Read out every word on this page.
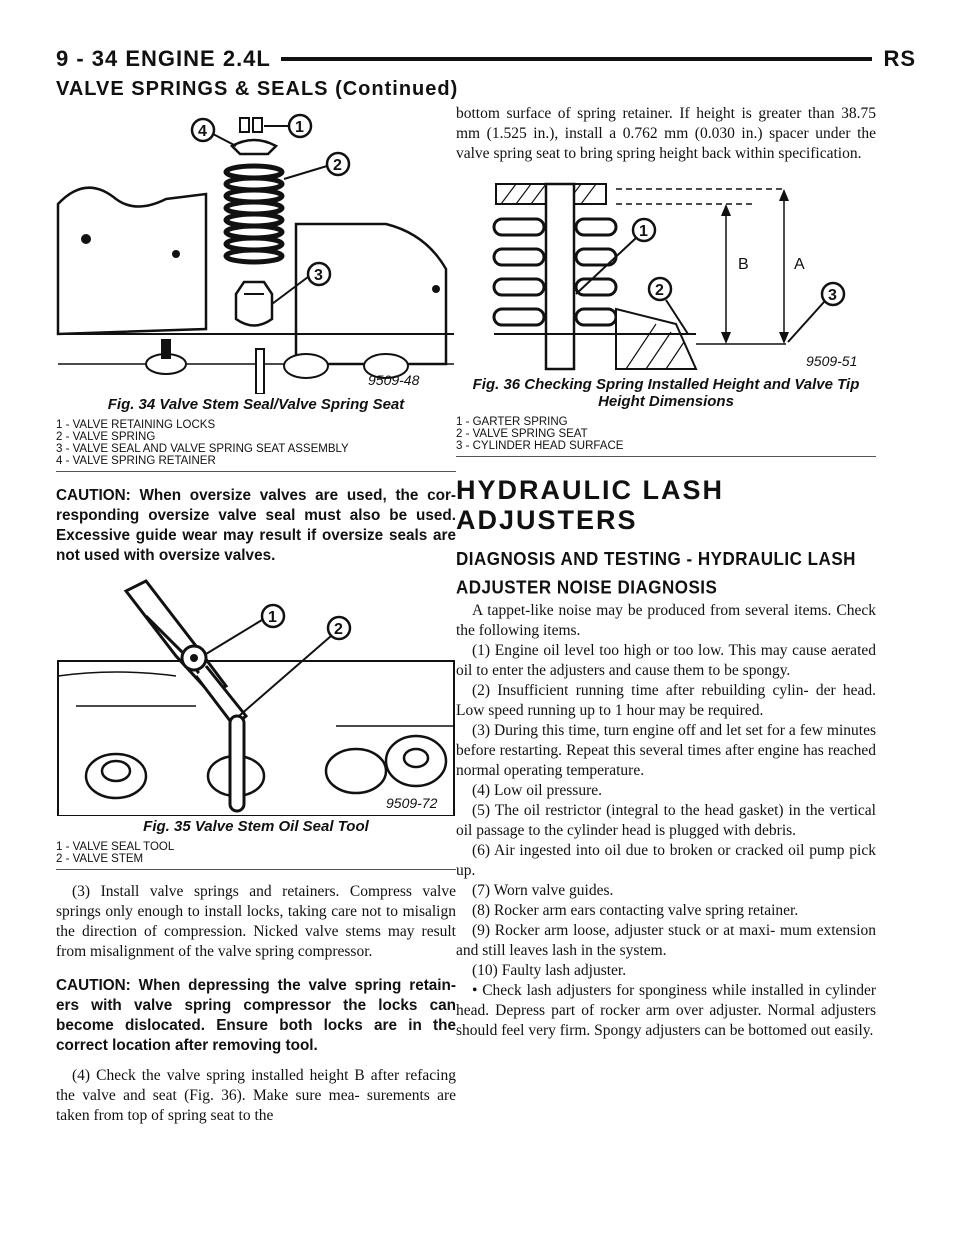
9 - 34 ENGINE 2.4L	RS
VALVE SPRINGS & SEALS (Continued)
1
2
3
4
9509-48
Fig. 34 Valve Stem Seal/Valve Spring Seat
1 - VALVE RETAINING LOCKS
2 - VALVE SPRING
3 - VALVE SEAL AND VALVE SPRING SEAT ASSEMBLY
4 - VALVE SPRING RETAINER
CAUTION: When oversize valves are used, the cor- responding oversize valve seal must also be used. Excessive guide wear may result if oversize seals are not used with oversize valves.
1
2
9509-72
Fig. 35 Valve Stem Oil Seal Tool
1 - VALVE SEAL TOOL
2 - VALVE STEM

(3) Install valve springs and retainers. Compress valve springs only enough to install locks, taking care not to misalign the direction of compression. Nicked valve stems may result from misalignment of the valve spring compressor.

CAUTION: When depressing the valve spring retain- ers with valve spring compressor the locks can become dislocated. Ensure both locks are in the correct location after removing tool.

(4) Check the valve spring installed height B after refacing the valve and seat (Fig. 36). Make sure mea- surements are taken from top of spring seat to the

bottom surface of spring retainer. If height is greater than 38.75 mm (1.525 in.), install a 0.762 mm (0.030 in.) spacer under the valve spring seat to bring spring height back within specification.

B	A
1
2	3
9509-51
Fig. 36 Checking Spring Installed Height and Valve Tip Height Dimensions
1 - GARTER SPRING
2 - VALVE SPRING SEAT
3 - CYLINDER HEAD SURFACE
HYDRAULIC LASH ADJUSTERS
DIAGNOSIS AND TESTING - HYDRAULIC LASH ADJUSTER NOISE DIAGNOSIS

A tappet-like noise may be produced from several items. Check the following items.

(1) Engine oil level too high or too low. This may cause aerated oil to enter the adjusters and cause them to be spongy.

(2) Insufficient running time after rebuilding cylin- der head. Low speed running up to 1 hour may be required.

(3) During this time, turn engine off and let set for a few minutes before restarting. Repeat this several times after engine has reached normal operating temperature.

(4) Low oil pressure.

(5) The oil restrictor (integral to the head gasket) in the vertical oil passage to the cylinder head is plugged with debris.

(6) Air ingested into oil due to broken or cracked oil pump pick up.

(7) Worn valve guides.

(8) Rocker arm ears contacting valve spring retainer.

(9) Rocker arm loose, adjuster stuck or at maxi- mum extension and still leaves lash in the system.

(10) Faulty lash adjuster.

• Check lash adjusters for sponginess while installed in cylinder head. Depress part of rocker arm over adjuster. Normal adjusters should feel very firm. Spongy adjusters can be bottomed out easily.
